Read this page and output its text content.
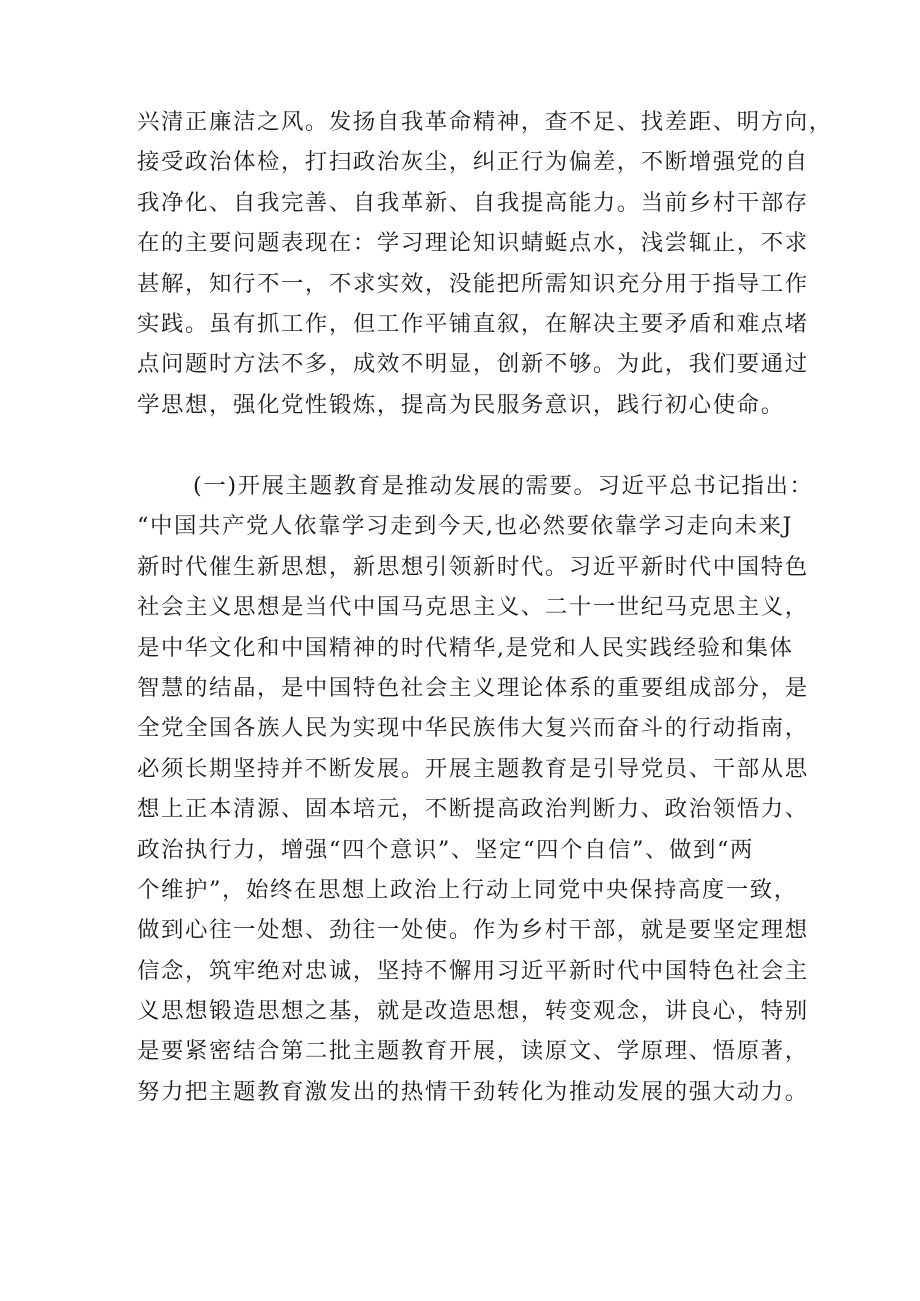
兴清正廉洁之风。发扬自我革命精神，查不足、找差距、明方向，
接受政治体检，打扫政治灰尘，纠正行为偏差，不断增强党的自
我净化、自我完善、自我革新、自我提高能力。当前乡村干部存
在的主要问题表现在：学习理论知识蜻蜓点水，浅尝辄止，不求
甚解，知行不一，不求实效，没能把所需知识充分用于指导工作
实践。虽有抓工作，但工作平铺直叙，在解决主要矛盾和难点堵
点问题时方法不多，成效不明显，创新不够。为此，我们要通过
学思想，强化党性锻炼，提高为民服务意识，践行初心使命。
(一)开展主题教育是推动发展的需要。习近平总书记指出：
“中国共产党人依靠学习走到今天,也必然要依靠学习走向未来J
新时代催生新思想，新思想引领新时代。习近平新时代中国特色
社会主义思想是当代中国马克思主义、二十一世纪马克思主义，
是中华文化和中国精神的时代精华,是党和人民实践经验和集体
智慧的结晶，是中国特色社会主义理论体系的重要组成部分，是
全党全国各族人民为实现中华民族伟大复兴而奋斗的行动指南，
必须长期坚持并不断发展。开展主题教育是引导党员、干部从思
想上正本清源、固本培元，不断提高政治判断力、政治领悟力、
政治执行力，增强“四个意识”、坚定“四个自信”、做到“两
个维护”，始终在思想上政治上行动上同党中央保持高度一致，
做到心往一处想、劲往一处使。作为乡村干部，就是要坚定理想
信念，筑牢绝对忠诚，坚持不懈用习近平新时代中国特色社会主
义思想锻造思想之基，就是改造思想，转变观念，讲良心，特别
是要紧密结合第二批主题教育开展，读原文、学原理、悟原著，
努力把主题教育激发出的热情干劲转化为推动发展的强大动力。
